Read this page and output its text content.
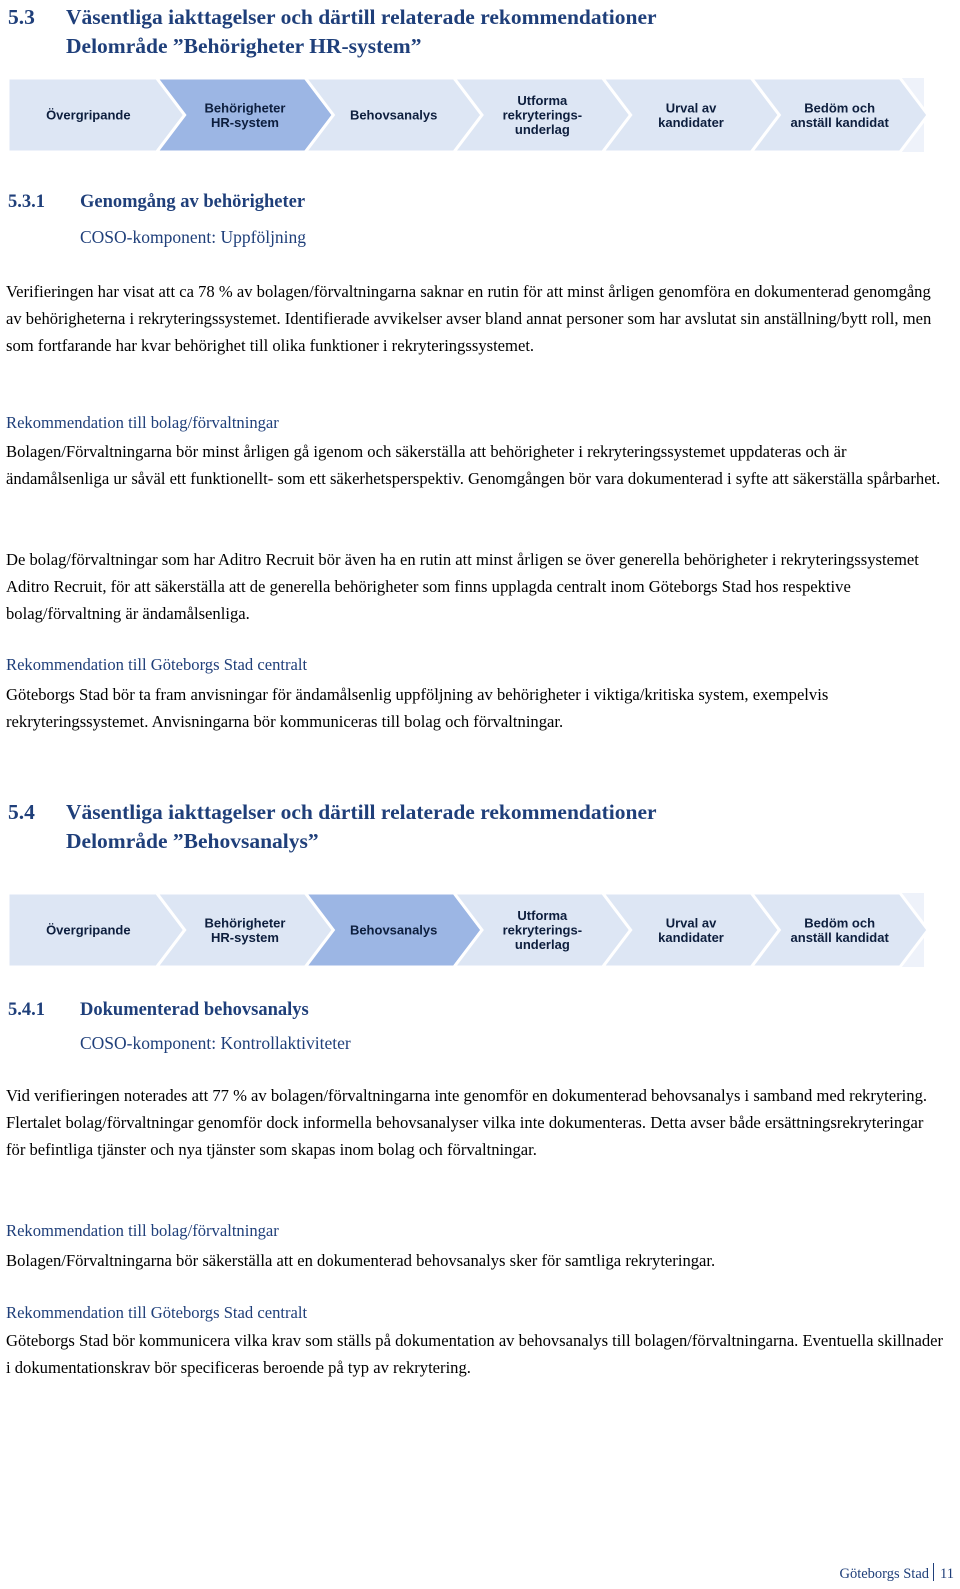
5.3 Väsentliga iakttagelser och därtill relaterade rekommendationer
Delområde ”Behörigheter HR-system”
Övergripande	Behörigheter
HR-system	Behovsanalys
Utforma
rekryterings-
underlag
Urval av
kandidater
Bedöm och
anställ kandidat
5.3.1 Genomgång av behörigheter
COSO-komponent: Uppföljning

Verifieringen har visat att ca 78 % av bolagen/förvaltningarna saknar en rutin för att minst årligen genomföra en dokumenterad genomgång av behörigheterna i rekryteringssystemet. Identifierade avvikelser avser bland annat personer som har avslutat sin anställning/bytt roll, men som fortfarande har kvar behörighet till olika funktioner i rekryteringssystemet.

Rekommendation till bolag/förvaltningar

Bolagen/Förvaltningarna bör minst årligen gå igenom och säkerställa att behörigheter i rekryteringssystemet uppdateras och är ändamålsenliga ur såväl ett funktionellt- som ett säkerhetsperspektiv. Genomgången bör vara dokumenterad i syfte att säkerställa spårbarhet.

De bolag/förvaltningar som har Aditro Recruit bör även ha en rutin att minst årligen se över generella behörigheter i rekryteringssystemet Aditro Recruit, för att säkerställa att de generella behörigheter som finns upplagda centralt inom Göteborgs Stad hos respektive bolag/förvaltning är ändamålsenliga.

Rekommendation till Göteborgs Stad centralt

Göteborgs Stad bör ta fram anvisningar för ändamålsenlig uppföljning av behörigheter i viktiga/kritiska system, exempelvis rekryteringssystemet. Anvisningarna bör kommuniceras till bolag och förvaltningar.

5.4 Väsentliga iakttagelser och därtill relaterade rekommendationer
Delområde ”Behovsanalys”
Övergripande	Behörigheter
HR-system	Behovsanalys
Utforma
rekryterings-
underlag
Urval av
kandidater
Bedöm och
anställ kandidat
5.4.1 Dokumenterad behovsanalys
COSO-komponent: Kontrollaktiviteter

Vid verifieringen noterades att 77 % av bolagen/förvaltningarna inte genomför en dokumenterad behovsanalys i samband med rekrytering. Flertalet bolag/förvaltningar genomför dock informella behovsanalyser vilka inte dokumenteras. Detta avser både ersättningsrekryteringar för befintliga tjänster och nya tjänster som skapas inom bolag och förvaltningar.

Rekommendation till bolag/förvaltningar

Bolagen/Förvaltningarna bör säkerställa att en dokumenterad behovsanalys sker för samtliga rekryteringar.

Rekommendation till Göteborgs Stad centralt

Göteborgs Stad bör kommunicera vilka krav som ställs på dokumentation av behovsanalys till bolagen/förvaltningarna. Eventuella skillnader i dokumentationskrav bör specificeras beroende på typ av rekrytering.

Göteborgs Stad 11
